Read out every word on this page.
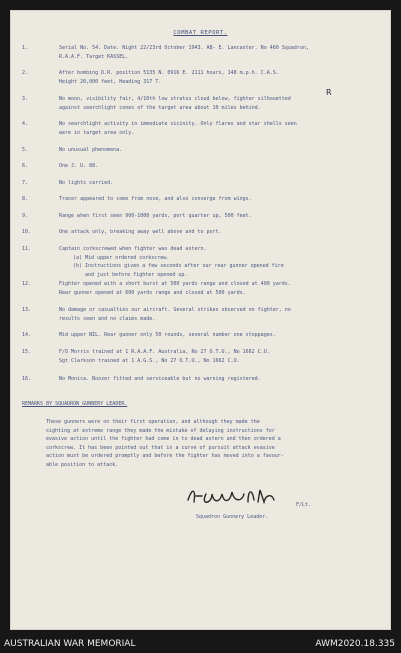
COMBAT REPORT.
R
1.	Serial No. 54. Date. Night 22/23rd October 1943. AB- E. Lancaster. No 460 Squadron,
R.A.A.F. Target KASSEL.
2.	After bombing D.R. position 5135 N. 0916 E. 2111 hours, 148 m.p.h. C.A.S.
Height 20,000 feet, Heading 317 T.
3.	No moon, visibility fair, 4/10th low stratus cloud below, fighter silhouetted
against searchlight cones of the target area about 10 miles behind.
4.	No searchlight activity in immediate vicinity. Only flares and star shells seen
were in target area only.
5.	No unusual phenomena.
6.	One J. U. 88.
7.	No lights carried.
8.	Tracer appeared to come from nose, and also converge from wings.
9.	Range when first seen 900-1000 yards, port quarter up, 500 feet.
10.	One attack only, breaking away well above and to port.
11.	Captain corkscrewed when fighter was dead astern.
(a) Mid upper ordered corkscrew.
(b) Instructions given a few seconds after our rear gunner opened fire
and just before fighter opened up.
12.	Fighter opened with a short burst at 500 yards range and closed at 400 yards.
Rear gunner opened at 600 yards range and closed at 500 yards.
13.	No damage or casualties our aircraft. Several strikes observed on fighter, no
results seen and no claims made.
14.	Mid upper NIL. Rear gunner only 50 rounds, several number one stoppages.
15.	F/O Morris trained at 1 R.A.A.F. Australia, No 27 O.T.U., No 1662 C.U.
Sgt Clarkson trained at 1 A.G.S., No 27 O.T.U., No 1662 C.U.
16.	No Monica. Boozer fitted and serviceable but no warning registered.
REMARKS BY SQUADRON GUNNERY LEADER.
These gunners were on their first operation, and although they made the
sighting at extreme range they made the mistake of delaying instructions for
evasive action until the fighter had come in to dead astern and then ordered a
corkscrew. It has been pointed out that in a curve of pursuit attack evasive
action must be ordered promptly and before the fighter has moved into a favour-
able position to attack.
F/Lt.
Squadron Gunnery Leader.
AUSTRALIAN WAR MEMORIAL	AWM2020.18.335
